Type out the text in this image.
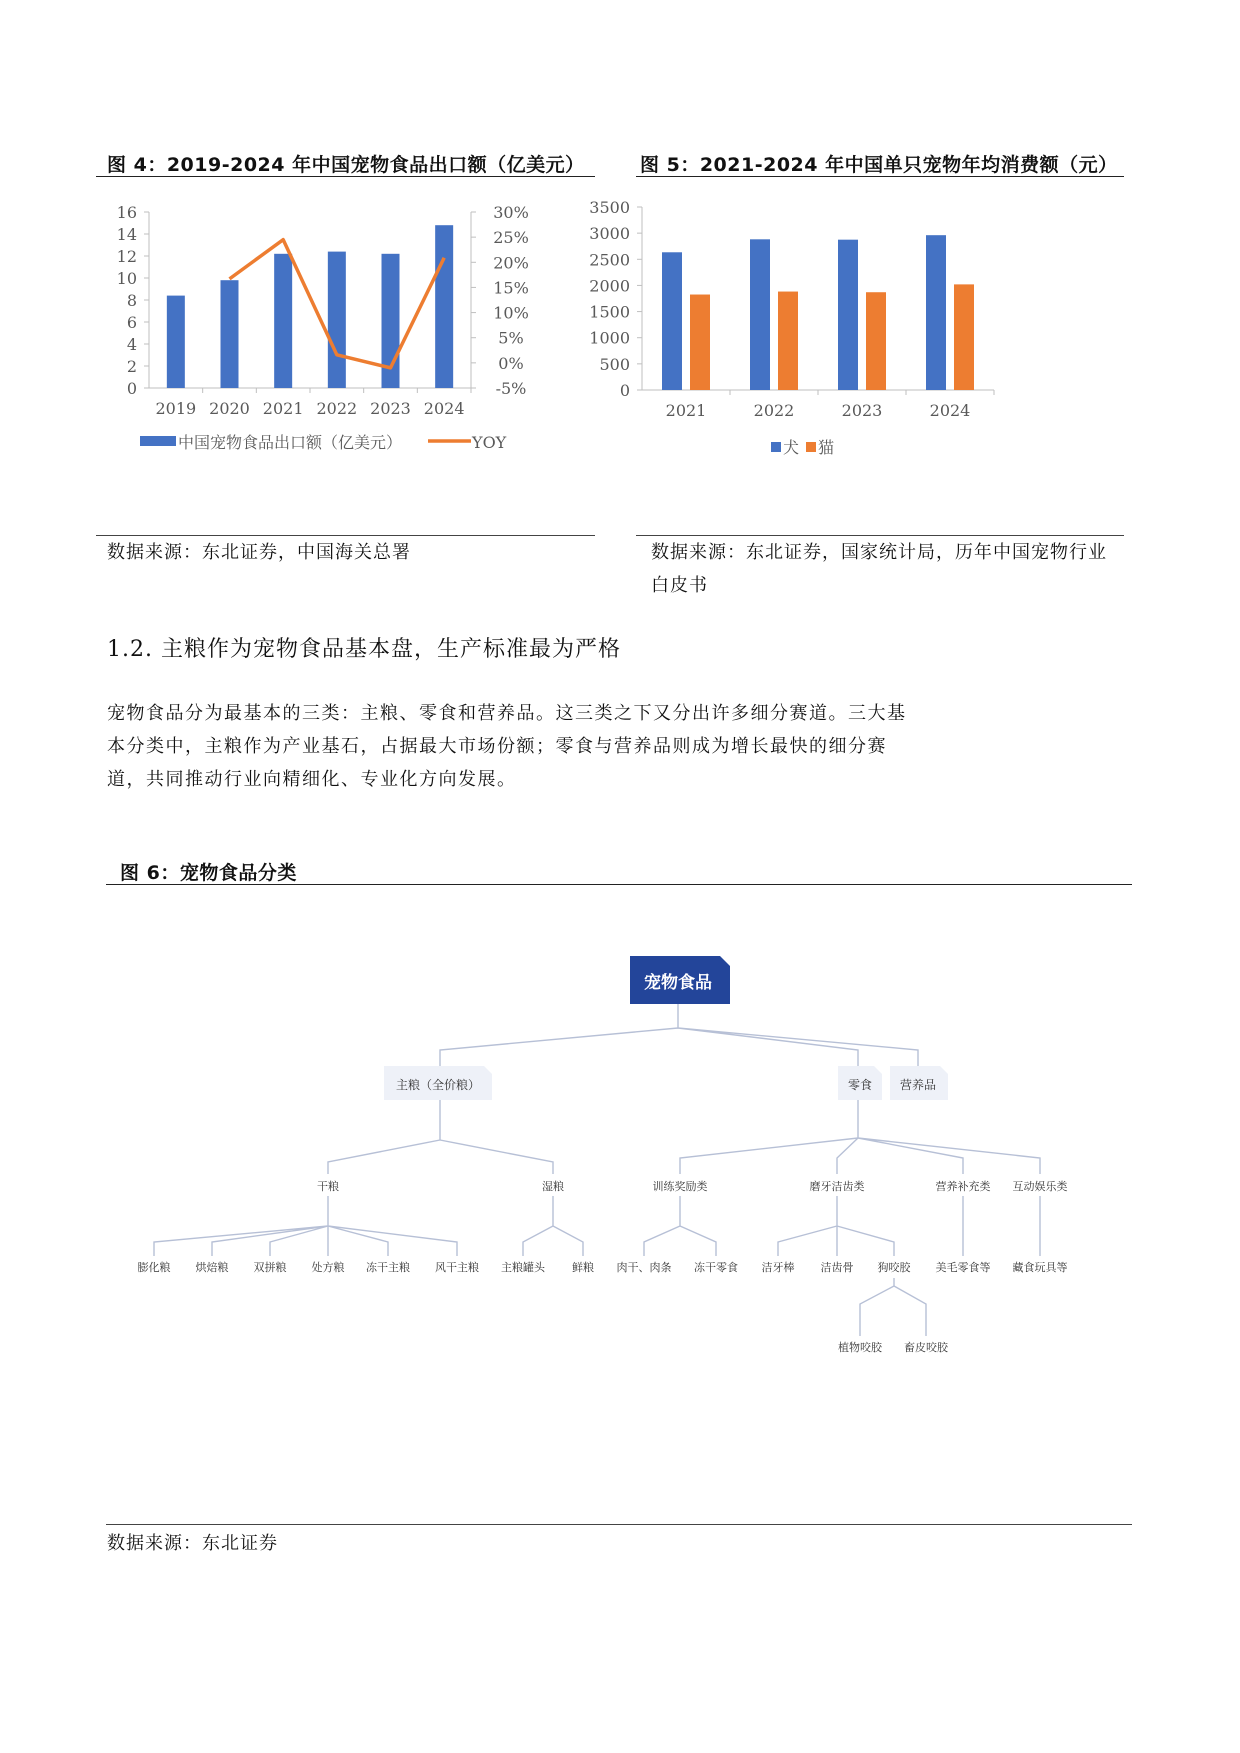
图 4：2019-2024 年中国宠物食品出口额（亿美元）
0
2
4
6
8
10
12
14
16
-5%
0%
5%
10%
15%
20%
25%
30%
2019 2020 2021 2022 2023 2024
中国宠物食品出口额（亿美元）	YOY
数据来源：东北证券，中国海关总署
图 5：2021-2024 年中国单只宠物年均消费额（元）
0
500
1000
1500
2000
2500
3000
3500
2021	2022	2023	2024
犬 猫
数据来源：东北证券，国家统计局，历年中国宠物行业白皮书
1.2. 主粮作为宠物食品基本盘，生产标准最为严格
宠物食品分为最基本的三类：主粮、零食和营养品。这三类之下又分出许多细分赛道。三大基本分类中，主粮作为产业基石，占据最大市场份额；零食与营养品则成为增长最快的细分赛道，共同推动行业向精细化、专业化方向发展。
图 6：宠物食品分类
宠物食品
主粮（全价粮）	零食 营养品
干粮	湿粮	训练奖励类	磨牙洁齿类	营养补充类 互动娱乐类
膨化粮 烘焙粮 双拼粮 处方粮 冻干主粮 风干主粮 主粮罐头 鲜粮 肉干、肉条 冻干零食 洁牙棒 洁齿骨 狗咬胶 美毛零食等 藏食玩具等
植物咬胶 畜皮咬胶
数据来源：东北证券
